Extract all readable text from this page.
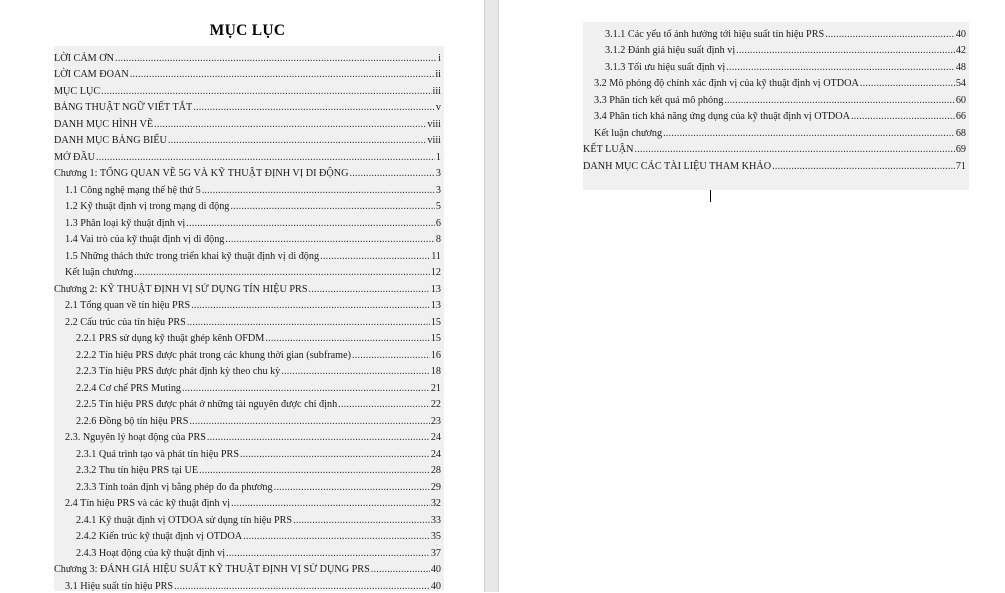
MỤC LỤC
LỜI CẢM ƠN .....	i
LỜI CAM ĐOAN .....	ii
MỤC LỤC .....	iii
BẢNG THUẬT NGỮ VIẾT TẮT .....	v
DANH MỤC HÌNH VẼ .....	viii
DANH MỤC BẢNG BIỂU .....	viii
MỞ ĐẦU .....	1
Chương 1: TỔNG QUAN VỀ 5G VÀ KỸ THUẬT ĐỊNH VỊ DI ĐỘNG .....	3
1.1 Công nghệ mạng thế hệ thứ 5 .....	3
1.2 Kỹ thuật định vị trong mạng di động .....	5
1.3 Phân loại kỹ thuật định vị .....	6
1.4 Vai trò của kỹ thuật định vị di động .....	8
1.5 Những thách thức trong triển khai kỹ thuật định vị di động .....	11
Kết luận chương .....	12
Chương 2: KỸ THUẬT ĐỊNH VỊ SỬ DỤNG TÍN HIỆU PRS .....	13
2.1 Tổng quan về tín hiệu PRS .....	13
2.2 Cấu trúc của tín hiệu PRS .....	15
2.2.1 PRS sử dụng kỹ thuật ghép kênh OFDM .....	15
2.2.2 Tín hiệu PRS được phát trong các khung thời gian (subframe) .....	16
2.2.3 Tín hiệu PRS được phát định kỳ theo chu kỳ .....	18
2.2.4 Cơ chế PRS Muting .....	21
2.2.5 Tín hiệu PRS được phát ở những tài nguyên được chỉ định .....	22
2.2.6 Đồng bộ tín hiệu PRS .....	23
2.3. Nguyên lý hoạt động của PRS .....	24
2.3.1 Quá trình tạo và phát tín hiệu PRS .....	24
2.3.2 Thu tín hiệu PRS tại UE .....	28
2.3.3 Tính toán định vị bằng phép đo đa phương .....	29
2.4 Tín hiệu PRS và các kỹ thuật định vị .....	32
2.4.1 Kỹ thuật định vị OTDOA sử dụng tín hiệu PRS .....	33
2.4.2 Kiến trúc kỹ thuật định vị OTDOA .....	35
2.4.3 Hoạt động của kỹ thuật định vị .....	37
Chương 3: ĐÁNH GIÁ HIỆU SUẤT KỸ THUẬT ĐỊNH VỊ SỬ DỤNG PRS .....	40
3.1 Hiệu suất tín hiệu PRS .....	40
3.1.1 Các yếu tố ảnh hưởng tới hiệu suất tín hiệu PRS .....	40
3.1.2 Đánh giá hiệu suất định vị .....	42
3.1.3 Tối ưu hiệu suất định vị .....	48
3.2 Mô phỏng độ chính xác định vị của kỹ thuật định vị OTDOA .....	54
3.3 Phân tích kết quả mô phỏng .....	60
3.4 Phân tích khả năng ứng dụng của kỹ thuật định vị OTDOA .....	66
Kết luận chương .....	68
KẾT LUẬN .....	69
DANH MỤC CÁC TÀI LIỆU THAM KHẢO .....	71
